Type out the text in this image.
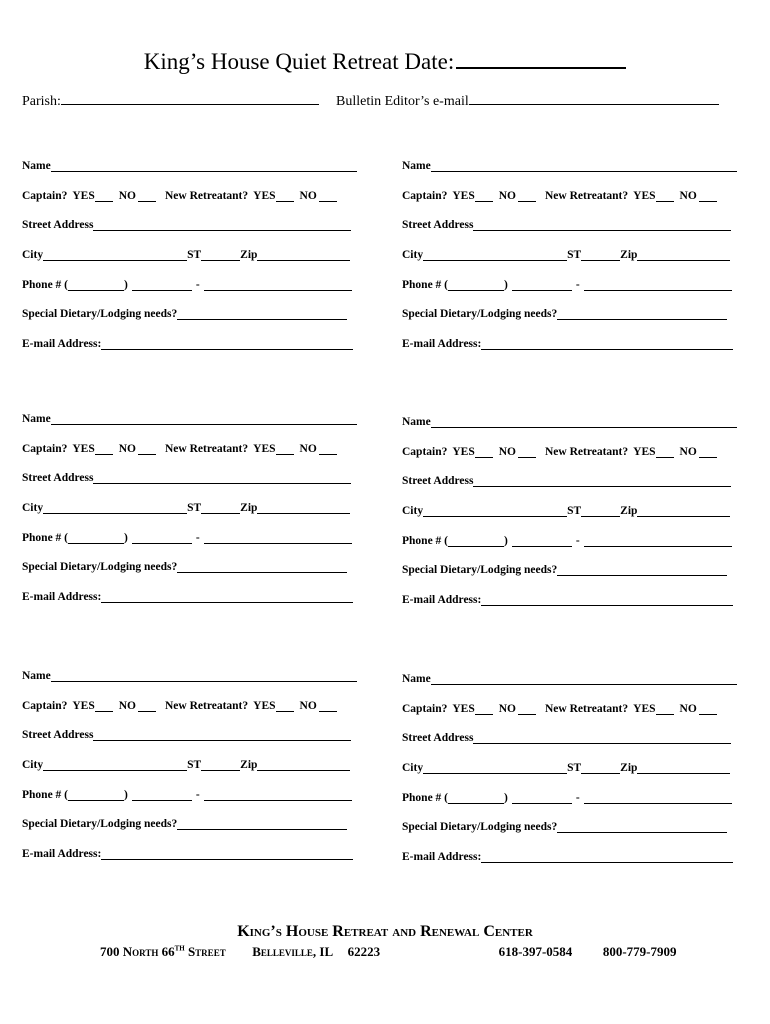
King’s House Quiet Retreat Date:
Parish:	Bulletin Editor’s e-mail
Name
Captain? YES NO	New Retreatant? YES NO
Street Address
City	ST	Zip
Phone # (	)	-
Special Dietary/Lodging needs?
E-mail Address:
Name
Captain? YES NO	New Retreatant? YES NO
Street Address
City	ST	Zip
Phone # (	)	-
Special Dietary/Lodging needs?
E-mail Address:
Name
Captain? YES NO	New Retreatant? YES NO
Street Address
City	ST	Zip
Phone # (	)	-
Special Dietary/Lodging needs?
E-mail Address:
Name
Captain? YES NO	New Retreatant? YES NO
Street Address
City	ST	Zip
Phone # (	)	-
Special Dietary/Lodging needs?
E-mail Address:
Name
Captain? YES NO	New Retreatant? YES NO
Street Address
City	ST	Zip
Phone # (	)	-
Special Dietary/Lodging needs?
E-mail Address:
Name
Captain? YES NO	New Retreatant? YES NO
Street Address
City	ST	Zip
Phone # (	)	-
Special Dietary/Lodging needs?
E-mail Address:
King’s House Retreat and Renewal Center
700 North 66TH Street Belleville, IL 62223	618-397-0584 800-779-7909
